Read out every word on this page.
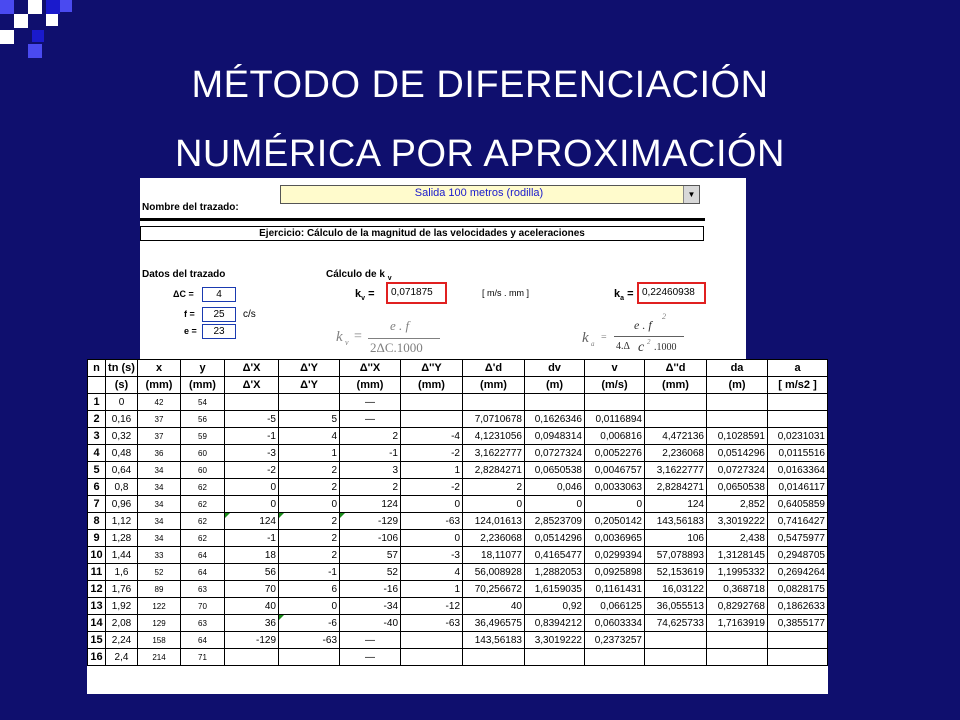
MÉTODO DE DIFERENCIACIÓN
NUMÉRICA POR APROXIMACIÓN
Salida 100 metros (rodilla)	▼
Nombre del trazado:
Ejercicio: Cálculo de la magnitud de las velocidades y aceleraciones
Datos del trazado	Cálculo de k $_v$
ΔC =	4
f =	25	c/s
e =	23
$k_v$ =	0,071875	[ m/s . mm ]	$k_a = 0,22460938$
k v =
e . f
2ΔC.1000
k a
=
e . f
2
4.Δ c 2 .1000
n	tn (s)	x	y	Δ'X	Δ'Y	Δ''X	Δ''Y	Δ'd	dv	v	Δ''d	da	a
	(s)	(mm)	(mm)	Δ'X	Δ'Y	(mm)	(mm)	(mm)	(m)	(m/s)	(mm)	(m)	[ m/s2 ]
1	0	42	54			—							
2	0,16	37	56	-5	5	—		7,0710678	0,1626346	0,0116894			
3	0,32	37	59	-1	4	2	-4	4,1231056	0,0948314	0,006816	4,472136	0,1028591	0,0231031
4	0,48	36	60	-3	1	-1	-2	3,1622777	0,0727324	0,0052276	2,236068	0,0514296	0,0115516
5	0,64	34	60	-2	2	3	1	2,8284271	0,0650538	0,0046757	3,1622777	0,0727324	0,0163364
6	0,8	34	62	0	2	2	-2	2	0,046	0,0033063	2,8284271	0,0650538	0,0146117
7	0,96	34	62	0	0	124	0	0	0	0	124	2,852	0,6405859
8	1,12	34	62	124	2	-129	-63	124,01613	2,8523709	0,2050142	143,56183	3,3019222	0,7416427
9	1,28	34	62	-1	2	-106	0	2,236068	0,0514296	0,0036965	106	2,438	0,5475977
10	1,44	33	64	18	2	57	-3	18,11077	0,4165477	0,0299394	57,078893	1,3128145	0,2948705
11	1,6	52	64	56	-1	52	4	56,008928	1,2882053	0,0925898	52,153619	1,1995332	0,2694264
12	1,76	89	63	70	6	-16	1	70,256672	1,6159035	0,1161431	16,03122	0,368718	0,0828175
13	1,92	122	70	40	0	-34	-12	40	0,92	0,066125	36,055513	0,8292768	0,1862633
14	2,08	129	63	36	-6	-40	-63	36,496575	0,8394212	0,0603334	74,625733	1,7163919	0,3855177
15	2,24	158	64	-129	-63	—		143,56183	3,3019222	0,2373257			
16	2,4	214	71			—							
